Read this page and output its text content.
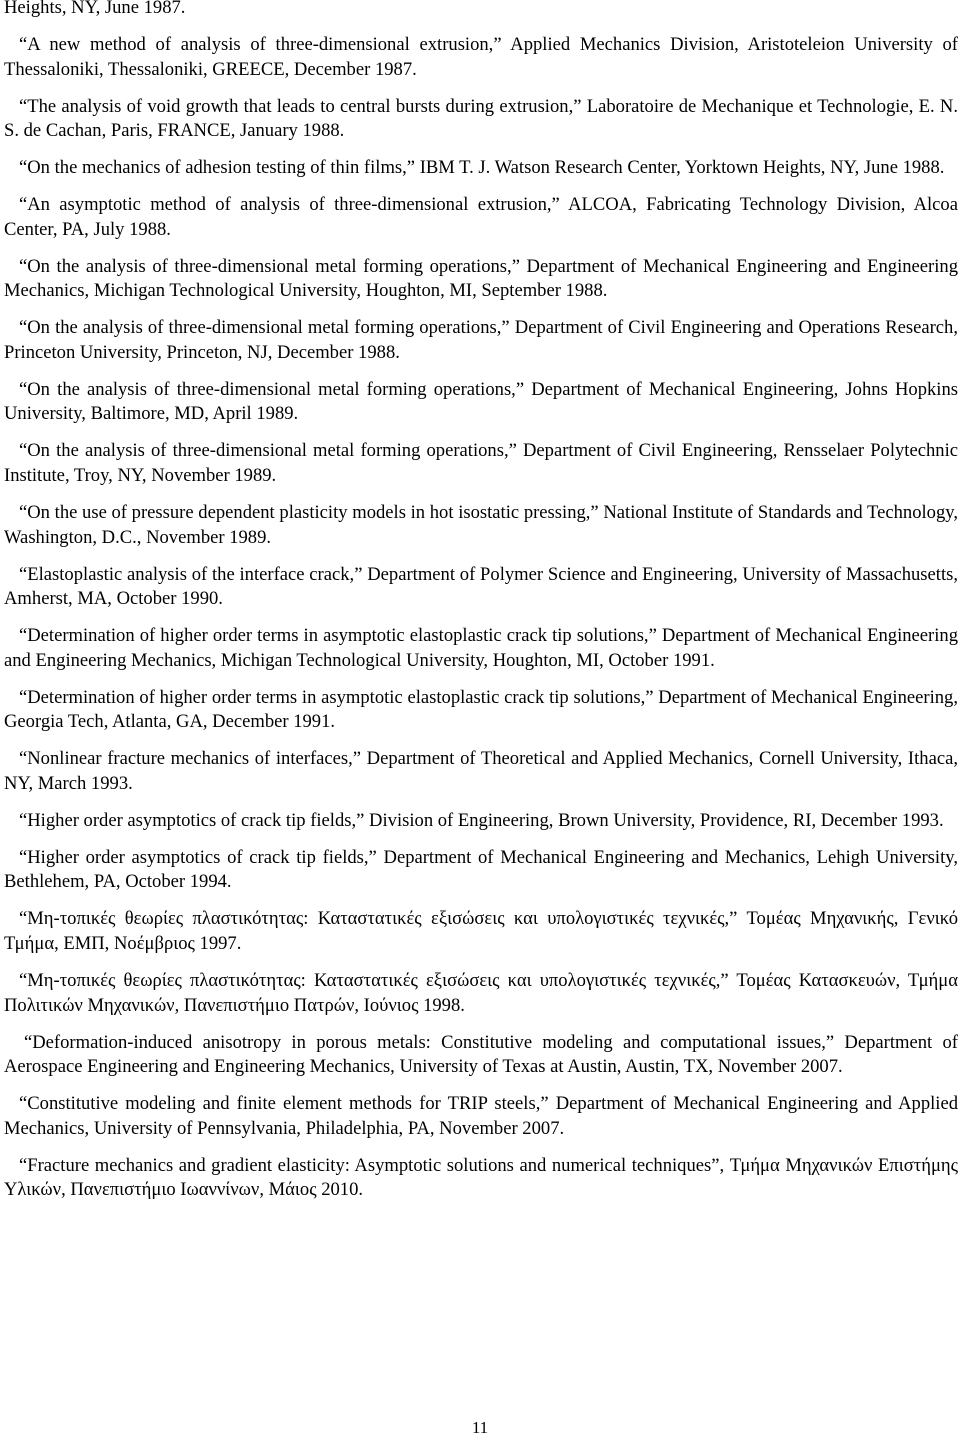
Heights, NY, June 1987.

“A new method of analysis of three-dimensional extrusion,” Applied Mechanics Division, Aristoteleion University of Thessaloniki, Thessaloniki, GREECE, December 1987.

“The analysis of void growth that leads to central bursts during extrusion,” Laboratoire de Mechanique et Technologie, E. N. S. de Cachan, Paris, FRANCE, January 1988.

“On the mechanics of adhesion testing of thin films,” IBM T. J. Watson Research Center, Yorktown Heights, NY, June 1988.

“An asymptotic method of analysis of three-dimensional extrusion,” ALCOA, Fabricating Technology Division, Alcoa Center, PA, July 1988.

“On the analysis of three-dimensional metal forming operations,” Department of Mechanical Engineering and Engineering Mechanics, Michigan Technological University, Houghton, MI, September 1988.

“On the analysis of three-dimensional metal forming operations,” Department of Civil Engineering and Operations Research, Princeton University, Princeton, NJ, December 1988.

“On the analysis of three-dimensional metal forming operations,” Department of Mechanical Engineering, Johns Hopkins University, Baltimore, MD, April 1989.

“On the analysis of three-dimensional metal forming operations,” Department of Civil Engineering, Rensselaer Polytechnic Institute, Troy, NY, November 1989.

“On the use of pressure dependent plasticity models in hot isostatic pressing,” National Institute of Standards and Technology, Washington, D.C., November 1989.

“Elastoplastic analysis of the interface crack,” Department of Polymer Science and Engineering, University of Massachusetts, Amherst, MA, October 1990.

“Determination of higher order terms in asymptotic elastoplastic crack tip solutions,” Department of Mechanical Engineering and Engineering Mechanics, Michigan Technological University, Houghton, MI, October 1991.

“Determination of higher order terms in asymptotic elastoplastic crack tip solutions,” Department of Mechanical Engineering, Georgia Tech, Atlanta, GA, December 1991.

“Nonlinear fracture mechanics of interfaces,” Department of Theoretical and Applied Mechanics, Cornell University, Ithaca, NY, March 1993.

“Higher order asymptotics of crack tip fields,” Division of Engineering, Brown University, Providence, RI, December 1993.

“Higher order asymptotics of crack tip fields,” Department of Mechanical Engineering and Mechanics, Lehigh University, Bethlehem, PA, October 1994.

“Μη-τοπικές θεωρίες πλαστικότητας: Καταστατικές εξισώσεις και υπολογιστικές τεχνικές,” Τομέας Μηχανικής, Γενικό Τμήμα, ΕΜΠ, Νοέμβριος 1997.

“Μη-τοπικές θεωρίες πλαστικότητας: Καταστατικές εξισώσεις και υπολογιστικές τεχνικές,” Τομέας Κατασκευών, Τμήμα Πολιτικών Μηχανικών, Πανεπιστήμιο Πατρών, Ιούνιος 1998.

“Deformation-induced anisotropy in porous metals: Constitutive modeling and computational issues,” Department of Aerospace Engineering and Engineering Mechanics, University of Texas at Austin, Austin, TX, November 2007.

“Constitutive modeling and finite element methods for TRIP steels,” Department of Mechanical Engineering and Applied Mechanics, University of Pennsylvania, Philadelphia, PA, November 2007.

“Fracture mechanics and gradient elasticity: Asymptotic solutions and numerical techniques”, Τμήμα Μηχανικών Επιστήμης Υλικών, Πανεπιστήμιο Ιωαννίνων, Μάιος 2010.

11
